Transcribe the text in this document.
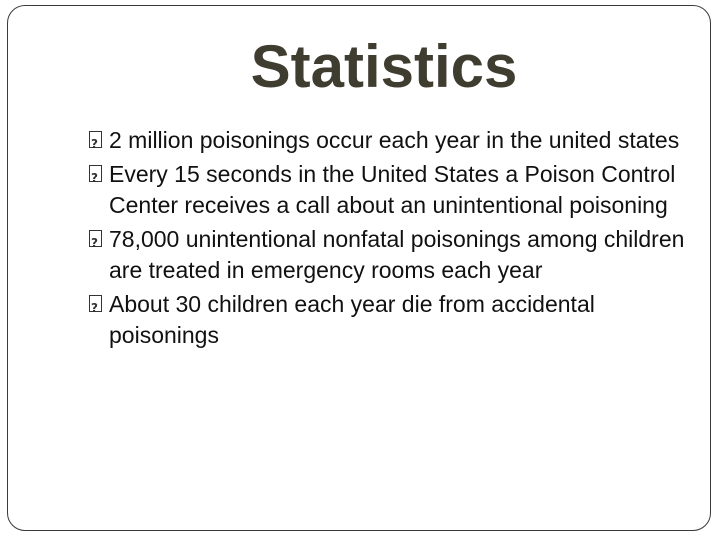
Statistics
?
2 million poisonings occur each year in the united states
?
Every 15 seconds in the United States a Poison Control Center receives a call about an unintentional poisoning
?
78,000 unintentional nonfatal poisonings among children are treated in emergency rooms each year
?
About 30 children each year die from accidental poisonings
